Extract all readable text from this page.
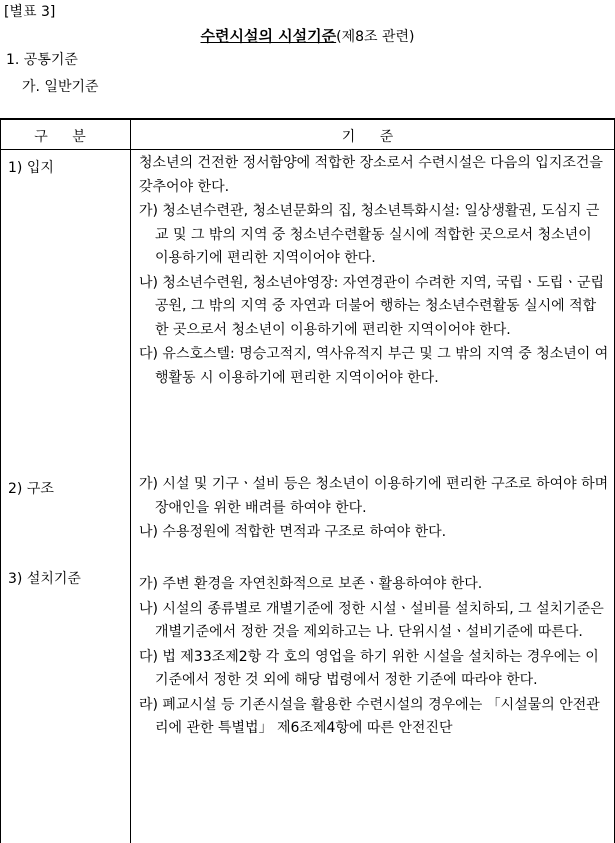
[별표 3]
수련시설의 시설기준(제8조 관련)
1. 공통기준
가. 일반기준
구 분	기 준
1) 입지	청소년의 건전한 정서함양에 적합한 장소로서 수련시설은 다음의 입지조건을 갖추어야 한다.

가) 청소년수련관, 청소년문화의 집, 청소년특화시설: 일상생활권, 도심지 근교 및 그 밖의 지역 중 청소년수련활동 실시에 적합한 곳으로서 청소년이 이용하기에 편리한 지역이어야 한다.

나) 청소년수련원, 청소년야영장: 자연경관이 수려한 지역, 국립ㆍ도립ㆍ군립공원, 그 밖의 지역 중 자연과 더불어 행하는 청소년수련활동 실시에 적합한 곳으로서 청소년이 이용하기에 편리한 지역이어야 한다.

다) 유스호스텔: 명승고적지, 역사유적지 부근 및 그 밖의 지역 중 청소년이 여행활동 시 이용하기에 편리한 지역이어야 한다.

2) 구조	가) 시설 및 기구ㆍ설비 등은 청소년이 이용하기에 편리한 구조로 하여야 하며 장애인을 위한 배려를 하여야 한다.

나) 수용정원에 적합한 면적과 구조로 하여야 한다.

3) 설치기준	가) 주변 환경을 자연친화적으로 보존ㆍ활용하여야 한다.

나) 시설의 종류별로 개별기준에 정한 시설ㆍ설비를 설치하되, 그 설치기준은 개별기준에서 정한 것을 제외하고는 나. 단위시설ㆍ설비기준에 따른다.

다) 법 제33조제2항 각 호의 영업을 하기 위한 시설을 설치하는 경우에는 이 기준에서 정한 것 외에 해당 법령에서 정한 기준에 따라야 한다.

라) 폐교시설 등 기존시설을 활용한 수련시설의 경우에는 「시설물의 안전관리에 관한 특별법」 제6조제4항에 따른 안전진단
